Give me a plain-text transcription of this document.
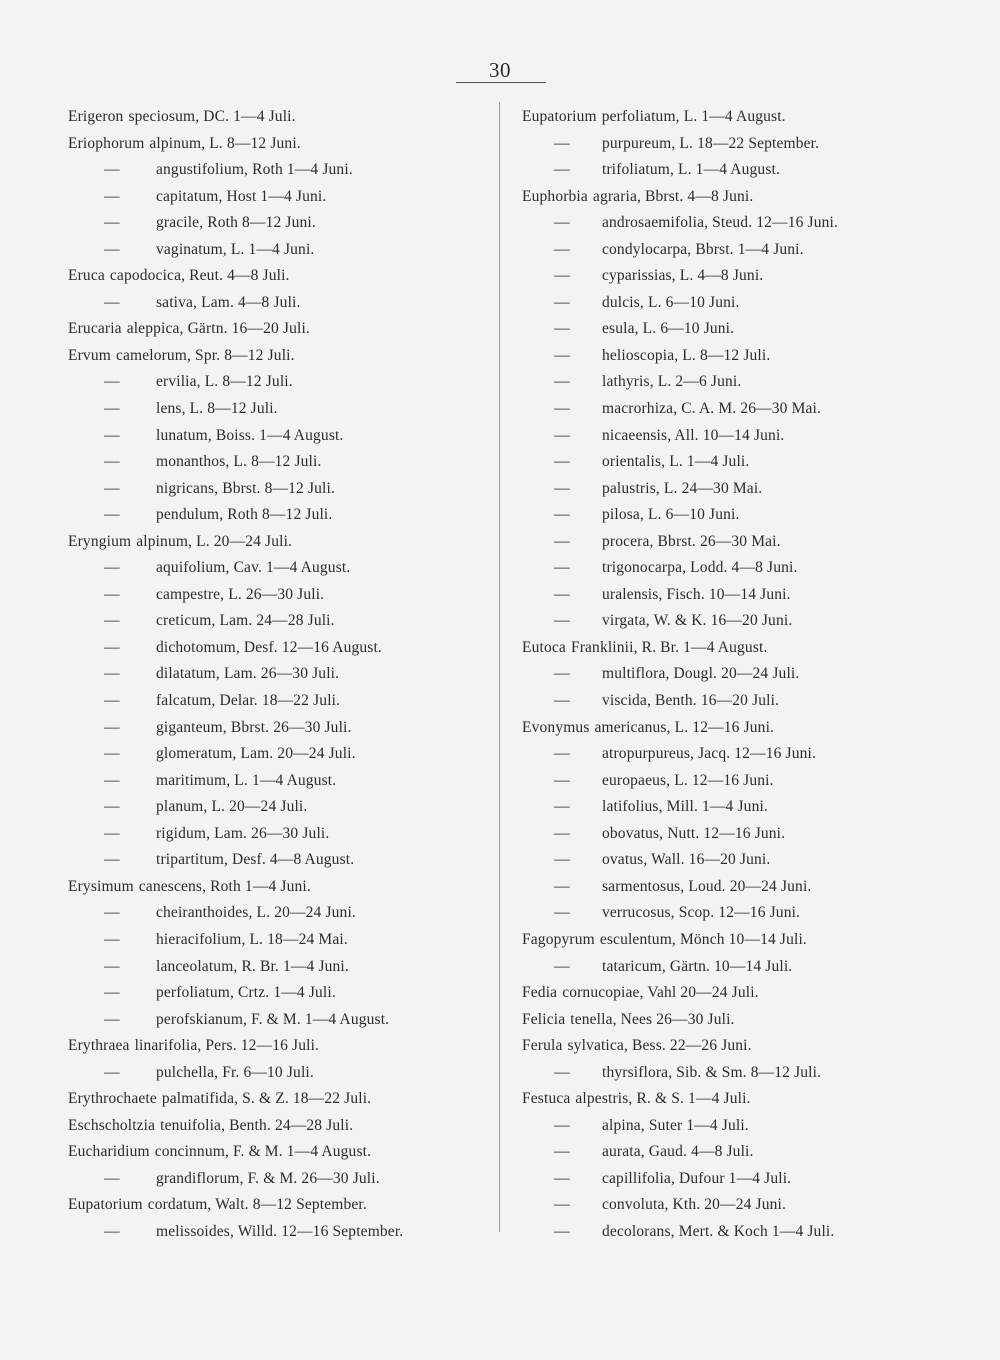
30
Erigeron speciosum, DC. 1—4 Juli.
Eriophorum alpinum, L. 8—12 Juni.
—	angustifolium, Roth 1—4 Juni.
—	capitatum, Host 1—4 Juni.
—	gracile, Roth 8—12 Juni.
—	vaginatum, L. 1—4 Juni.
Eruca capodocica, Reut. 4—8 Juli.
—	sativa, Lam. 4—8 Juli.
Erucaria aleppica, Gärtn. 16—20 Juli.
Ervum camelorum, Spr. 8—12 Juli.
—	ervilia, L. 8—12 Juli.
—	lens, L. 8—12 Juli.
—	lunatum, Boiss. 1—4 August.
—	monanthos, L. 8—12 Juli.
—	nigricans, Bbrst. 8—12 Juli.
—	pendulum, Roth 8—12 Juli.
Eryngium alpinum, L. 20—24 Juli.
—	aquifolium, Cav. 1—4 August.
—	campestre, L. 26—30 Juli.
—	creticum, Lam. 24—28 Juli.
—	dichotomum, Desf. 12—16 August.
—	dilatatum, Lam. 26—30 Juli.
—	falcatum, Delar. 18—22 Juli.
—	giganteum, Bbrst. 26—30 Juli.
—	glomeratum, Lam. 20—24 Juli.
—	maritimum, L. 1—4 August.
—	planum, L. 20—24 Juli.
—	rigidum, Lam. 26—30 Juli.
—	tripartitum, Desf. 4—8 August.
Erysimum canescens, Roth 1—4 Juni.
—	cheiranthoides, L. 20—24 Juni.
—	hieracifolium, L. 18—24 Mai.
—	lanceolatum, R. Br. 1—4 Juni.
—	perfoliatum, Crtz. 1—4 Juli.
—	perofskianum, F. & M. 1—4 August.
Erythraea linarifolia, Pers. 12—16 Juli.
—	pulchella, Fr. 6—10 Juli.
Erythrochaete palmatifida, S. & Z. 18—22 Juli.
Eschscholtzia tenuifolia, Benth. 24—28 Juli.
Eucharidium concinnum, F. & M. 1—4 August.
—	grandiflorum, F. & M. 26—30 Juli.
Eupatorium cordatum, Walt. 8—12 September.
—	melissoides, Willd. 12—16 September.
Eupatorium perfoliatum, L. 1—4 August.
—	purpureum, L. 18—22 September.
—	trifoliatum, L. 1—4 August.
Euphorbia agraria, Bbrst. 4—8 Juni.
—	androsaemifolia, Steud. 12—16 Juni.
—	condylocarpa, Bbrst. 1—4 Juni.
—	cyparissias, L. 4—8 Juni.
—	dulcis, L. 6—10 Juni.
—	esula, L. 6—10 Juni.
—	helioscopia, L. 8—12 Juli.
—	lathyris, L. 2—6 Juni.
—	macrorhiza, C. A. M. 26—30 Mai.
—	nicaeensis, All. 10—14 Juni.
—	orientalis, L. 1—4 Juli.
—	palustris, L. 24—30 Mai.
—	pilosa, L. 6—10 Juni.
—	procera, Bbrst. 26—30 Mai.
—	trigonocarpa, Lodd. 4—8 Juni.
—	uralensis, Fisch. 10—14 Juni.
—	virgata, W. & K. 16—20 Juni.
Eutoca Franklinii, R. Br. 1—4 August.
—	multiflora, Dougl. 20—24 Juli.
—	viscida, Benth. 16—20 Juli.
Evonymus americanus, L. 12—16 Juni.
—	atropurpureus, Jacq. 12—16 Juni.
—	europaeus, L. 12—16 Juni.
—	latifolius, Mill. 1—4 Juni.
—	obovatus, Nutt. 12—16 Juni.
—	ovatus, Wall. 16—20 Juni.
—	sarmentosus, Loud. 20—24 Juni.
—	verrucosus, Scop. 12—16 Juni.
Fagopyrum esculentum, Mönch 10—14 Juli.
—	tataricum, Gärtn. 10—14 Juli.
Fedia cornucopiae, Vahl 20—24 Juli.
Felicia tenella, Nees 26—30 Juli.
Ferula sylvatica, Bess. 22—26 Juni.
—	thyrsiflora, Sib. & Sm. 8—12 Juli.
Festuca alpestris, R. & S. 1—4 Juli.
—	alpina, Suter 1—4 Juli.
—	aurata, Gaud. 4—8 Juli.
—	capillifolia, Dufour 1—4 Juli.
—	convoluta, Kth. 20—24 Juni.
—	decolorans, Mert. & Koch 1—4 Juli.
